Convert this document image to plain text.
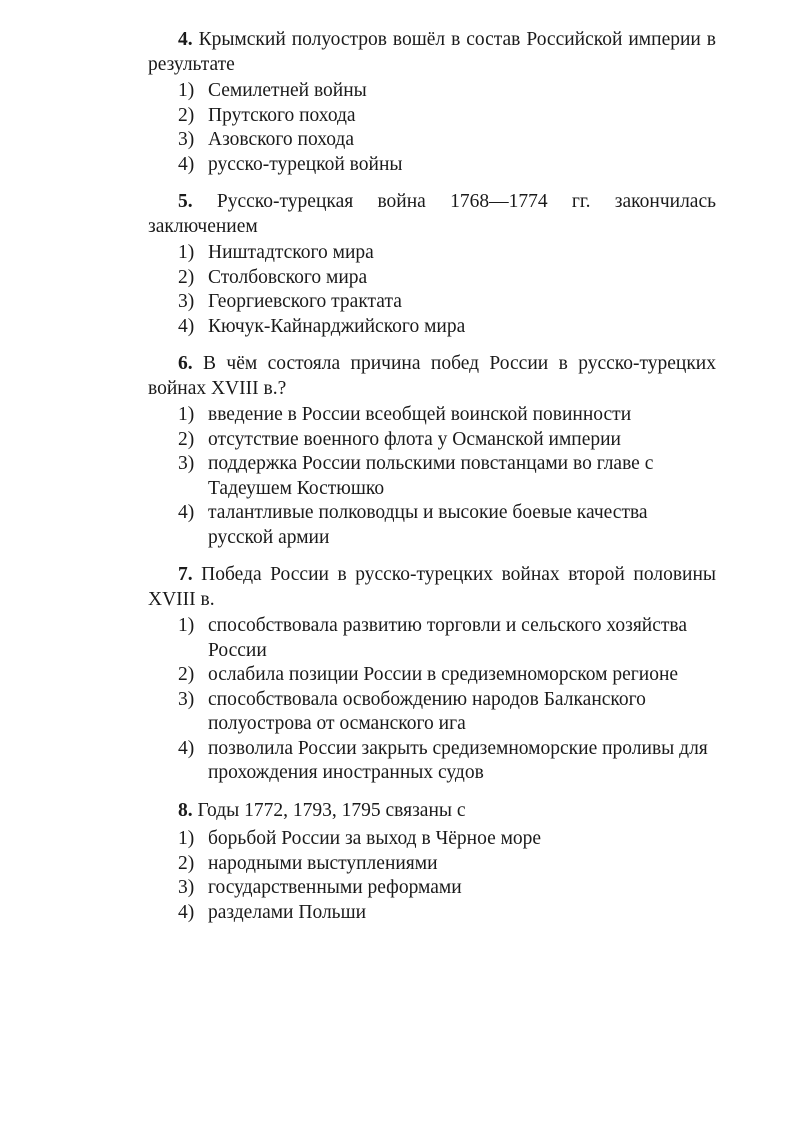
4. Крымский полуостров вошёл в состав Российской империи в результате

1) Семилетней войны
2) Прутского похода
3) Азовского похода
4) русско-турецкой войны

5. Русско-турецкая война 1768—1774 гг. закончилась заключением

1) Ништадтского мира
2) Столбовского мира
3) Георгиевского трактата
4) Кючук-Кайнарджийского мира

6. В чём состояла причина побед России в русско-турецких войнах XVIII в.?

1) введение в России всеобщей воинской повинности
2) отсутствие военного флота у Османской империи
3) поддержка России польскими повстанцами во главе с Тадеушем Костюшко
4) талантливые полководцы и высокие боевые качества русской армии

7. Победа России в русско-турецких войнах второй половины XVIII в.

1) способствовала развитию торговли и сельского хозяйства России
2) ослабила позиции России в средиземноморском регионе
3) способствовала освобождению народов Балканского полуострова от османского ига
4) позволила России закрыть средиземноморские проливы для прохождения иностранных судов

8. Годы 1772, 1793, 1795 связаны с

1) борьбой России за выход в Чёрное море
2) народными выступлениями
3) государственными реформами
4) разделами Польши
